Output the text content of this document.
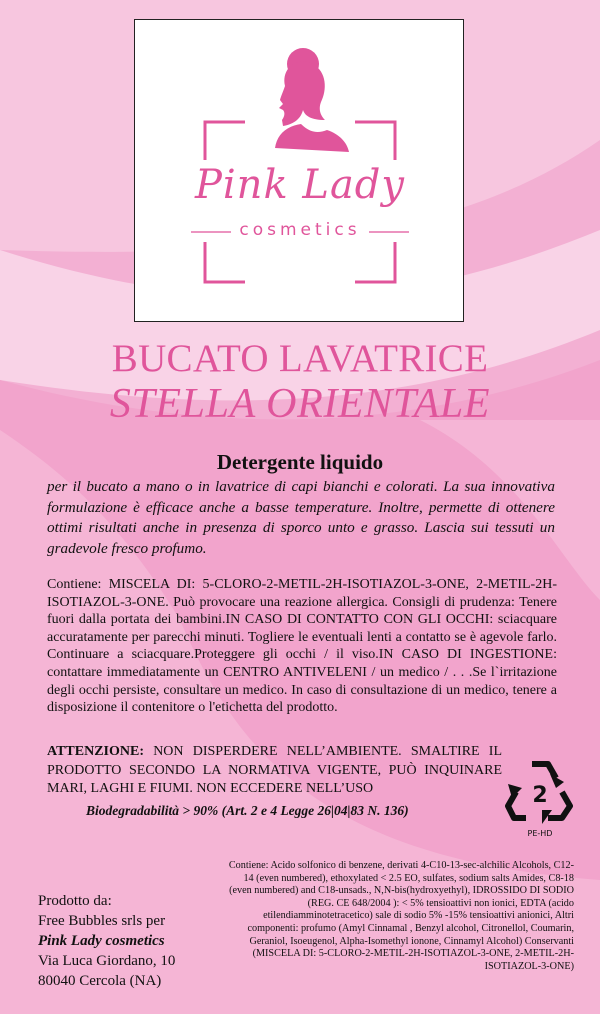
Pink Lady
cosmetics
BUCATO LAVATRICE
STELLA ORIENTALE
Detergente liquido
per il bucato a mano o in lavatrice di capi bianchi e colorati. La sua innovativa formulazione è efficace anche a basse temperature. Inoltre, permette di ottenere ottimi risultati anche in presenza di sporco unto e grasso. Lascia sui tessuti un gradevole fresco profumo.
Contiene: MISCELA DI: 5-CLORO-2-METIL-2H-ISOTIAZOL-3-ONE, 2-METIL-2H-ISOTIAZOL-3-ONE. Può provocare una reazione allergica. Consigli di prudenza: Tenere fuori dalla portata dei bambini.IN CASO DI CONTATTO CON GLI OCCHI: sciacquare accuratamente per parecchi minuti. Togliere le eventuali lenti a contatto se è agevole farlo. Continuare a sciacquare.Proteggere gli occhi / il viso.IN CASO DI INGESTIONE: contattare immediatamente un CENTRO ANTIVELENI / un medico / . . .Se l`irritazione degli occhi persiste, consultare un medico. In caso di consultazione di un medico, tenere a disposizione il contenitore o l'etichetta del prodotto.
ATTENZIONE: NON DISPERDERE NELL’AMBIENTE. SMALTIRE IL PRODOTTO SECONDO LA NORMATIVA VIGENTE, PUÒ INQUINARE MARI, LAGHI E FIUMI. NON ECCEDERE NELL’USO
Biodegradabilità > 90% (Art. 2 e 4 Legge 26|04|83 N. 136)
2
PE-HD
Prodotto da:
Free Bubbles srls per
Pink Lady cosmetics
Via Luca Giordano, 10
80040 Cercola (NA)
Contiene: Acido solfonico di benzene, derivati 4-C10-13-sec-alchilic Alcohols, C12-14 (even numbered), ethoxylated < 2.5 EO, sulfates, sodium salts Amides, C8-18 (even numbered) and C18-unsads., N,N-bis(hydroxyethyl), IDROSSIDO DI SODIO (REG. CE 648/2004 ): < 5% tensioattivi non ionici, EDTA (acido etilendiamminotetracetico) sale di sodio 5% -15% tensioattivi anionici, Altri componenti: profumo (Amyl Cinnamal , Benzyl alcohol, Citronellol, Coumarin, Geraniol, Isoeugenol, Alpha-Isomethyl ionone, Cinnamyl Alcohol) Conservanti (MISCELA DI: 5-CLORO-2-METIL-2H-ISOTIAZOL-3-ONE, 2-METIL-2H-ISOTIAZOL-3-ONE)
